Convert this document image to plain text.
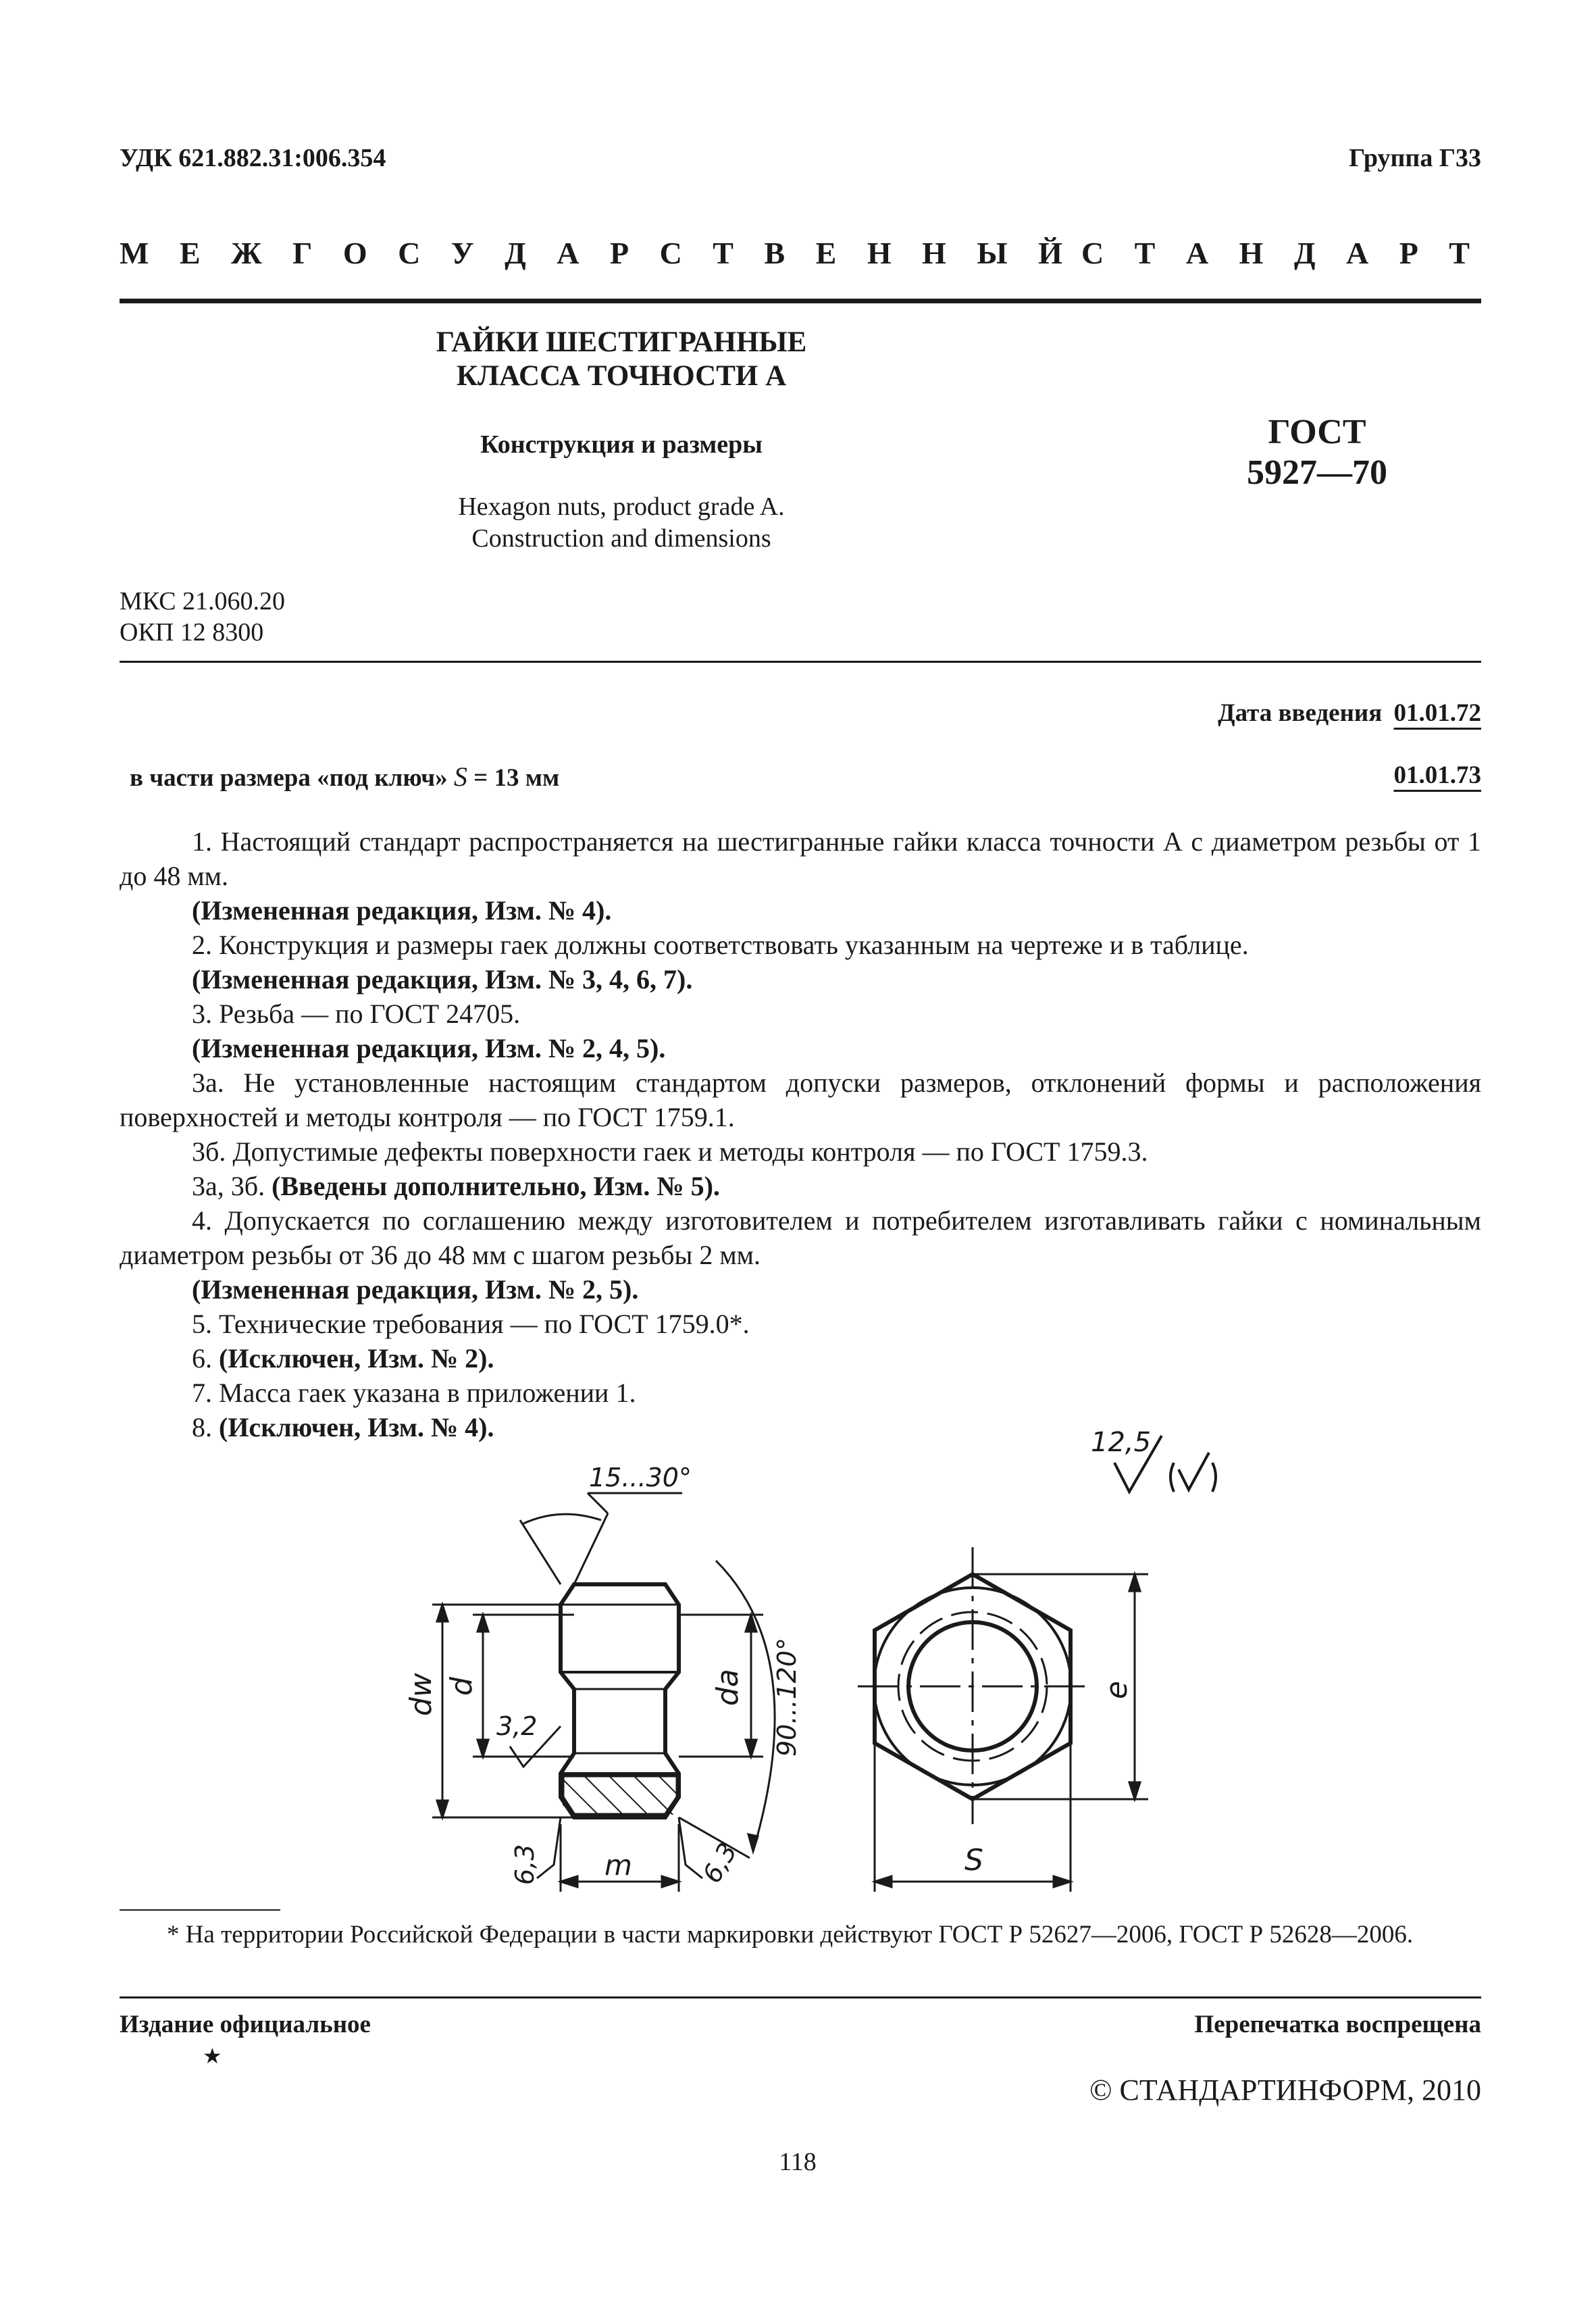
УДК 621.882.31:006.354	Группа Г33
М Е Ж Г О С У Д А Р С Т В Е Н Н Ы Й С Т А Н Д А Р Т
ГАЙКИ ШЕСТИГРАННЫЕ
КЛАССА ТОЧНОСТИ А
Конструкция и размеры
Hexagon nuts, product grade A.
Construction and dimensions
ГОСТ
5927—70
МКС 21.060.20
ОКП 12 8300
Дата введения 01.01.72
в части размера «под ключ» S = 13 мм	01.01.73
1. Настоящий стандарт распространяется на шестигранные гайки класса точности А с диаметром резьбы от 1 до 48 мм.
(Измененная редакция, Изм. № 4).
2. Конструкция и размеры гаек должны соответствовать указанным на чертеже и в таблице.
(Измененная редакция, Изм. № 3, 4, 6, 7).
3. Резьба — по ГОСТ 24705.
(Измененная редакция, Изм. № 2, 4, 5).
3а. Не установленные настоящим стандартом допуски размеров, отклонений формы и расположения поверхностей и методы контроля — по ГОСТ 1759.1.
3б. Допустимые дефекты поверхности гаек и методы контроля — по ГОСТ 1759.3.
3а, 3б. (Введены дополнительно, Изм. № 5).
4. Допускается по соглашению между изготовителем и потребителем изготавливать гайки с номинальным диаметром резьбы от 36 до 48 мм с шагом резьбы 2 мм.
(Измененная редакция, Изм. № 2, 5).
5. Технические требования — по ГОСТ 1759.0*.
6. (Исключен, Изм. № 2).
7. Масса гаек указана в приложении 1.
8. (Исключен, Изм. № 4).	12,5
dw d	da
m
3,2
6,3	6,3
15...30°
90...120°	e
S
* На территории Российской Федерации в части маркировки действуют ГОСТ Р 52627—2006, ГОСТ Р 52628—2006.
Издание официальное
★
Перепечатка воспрещена
© СТАНДАРТИНФОРМ, 2010
118
